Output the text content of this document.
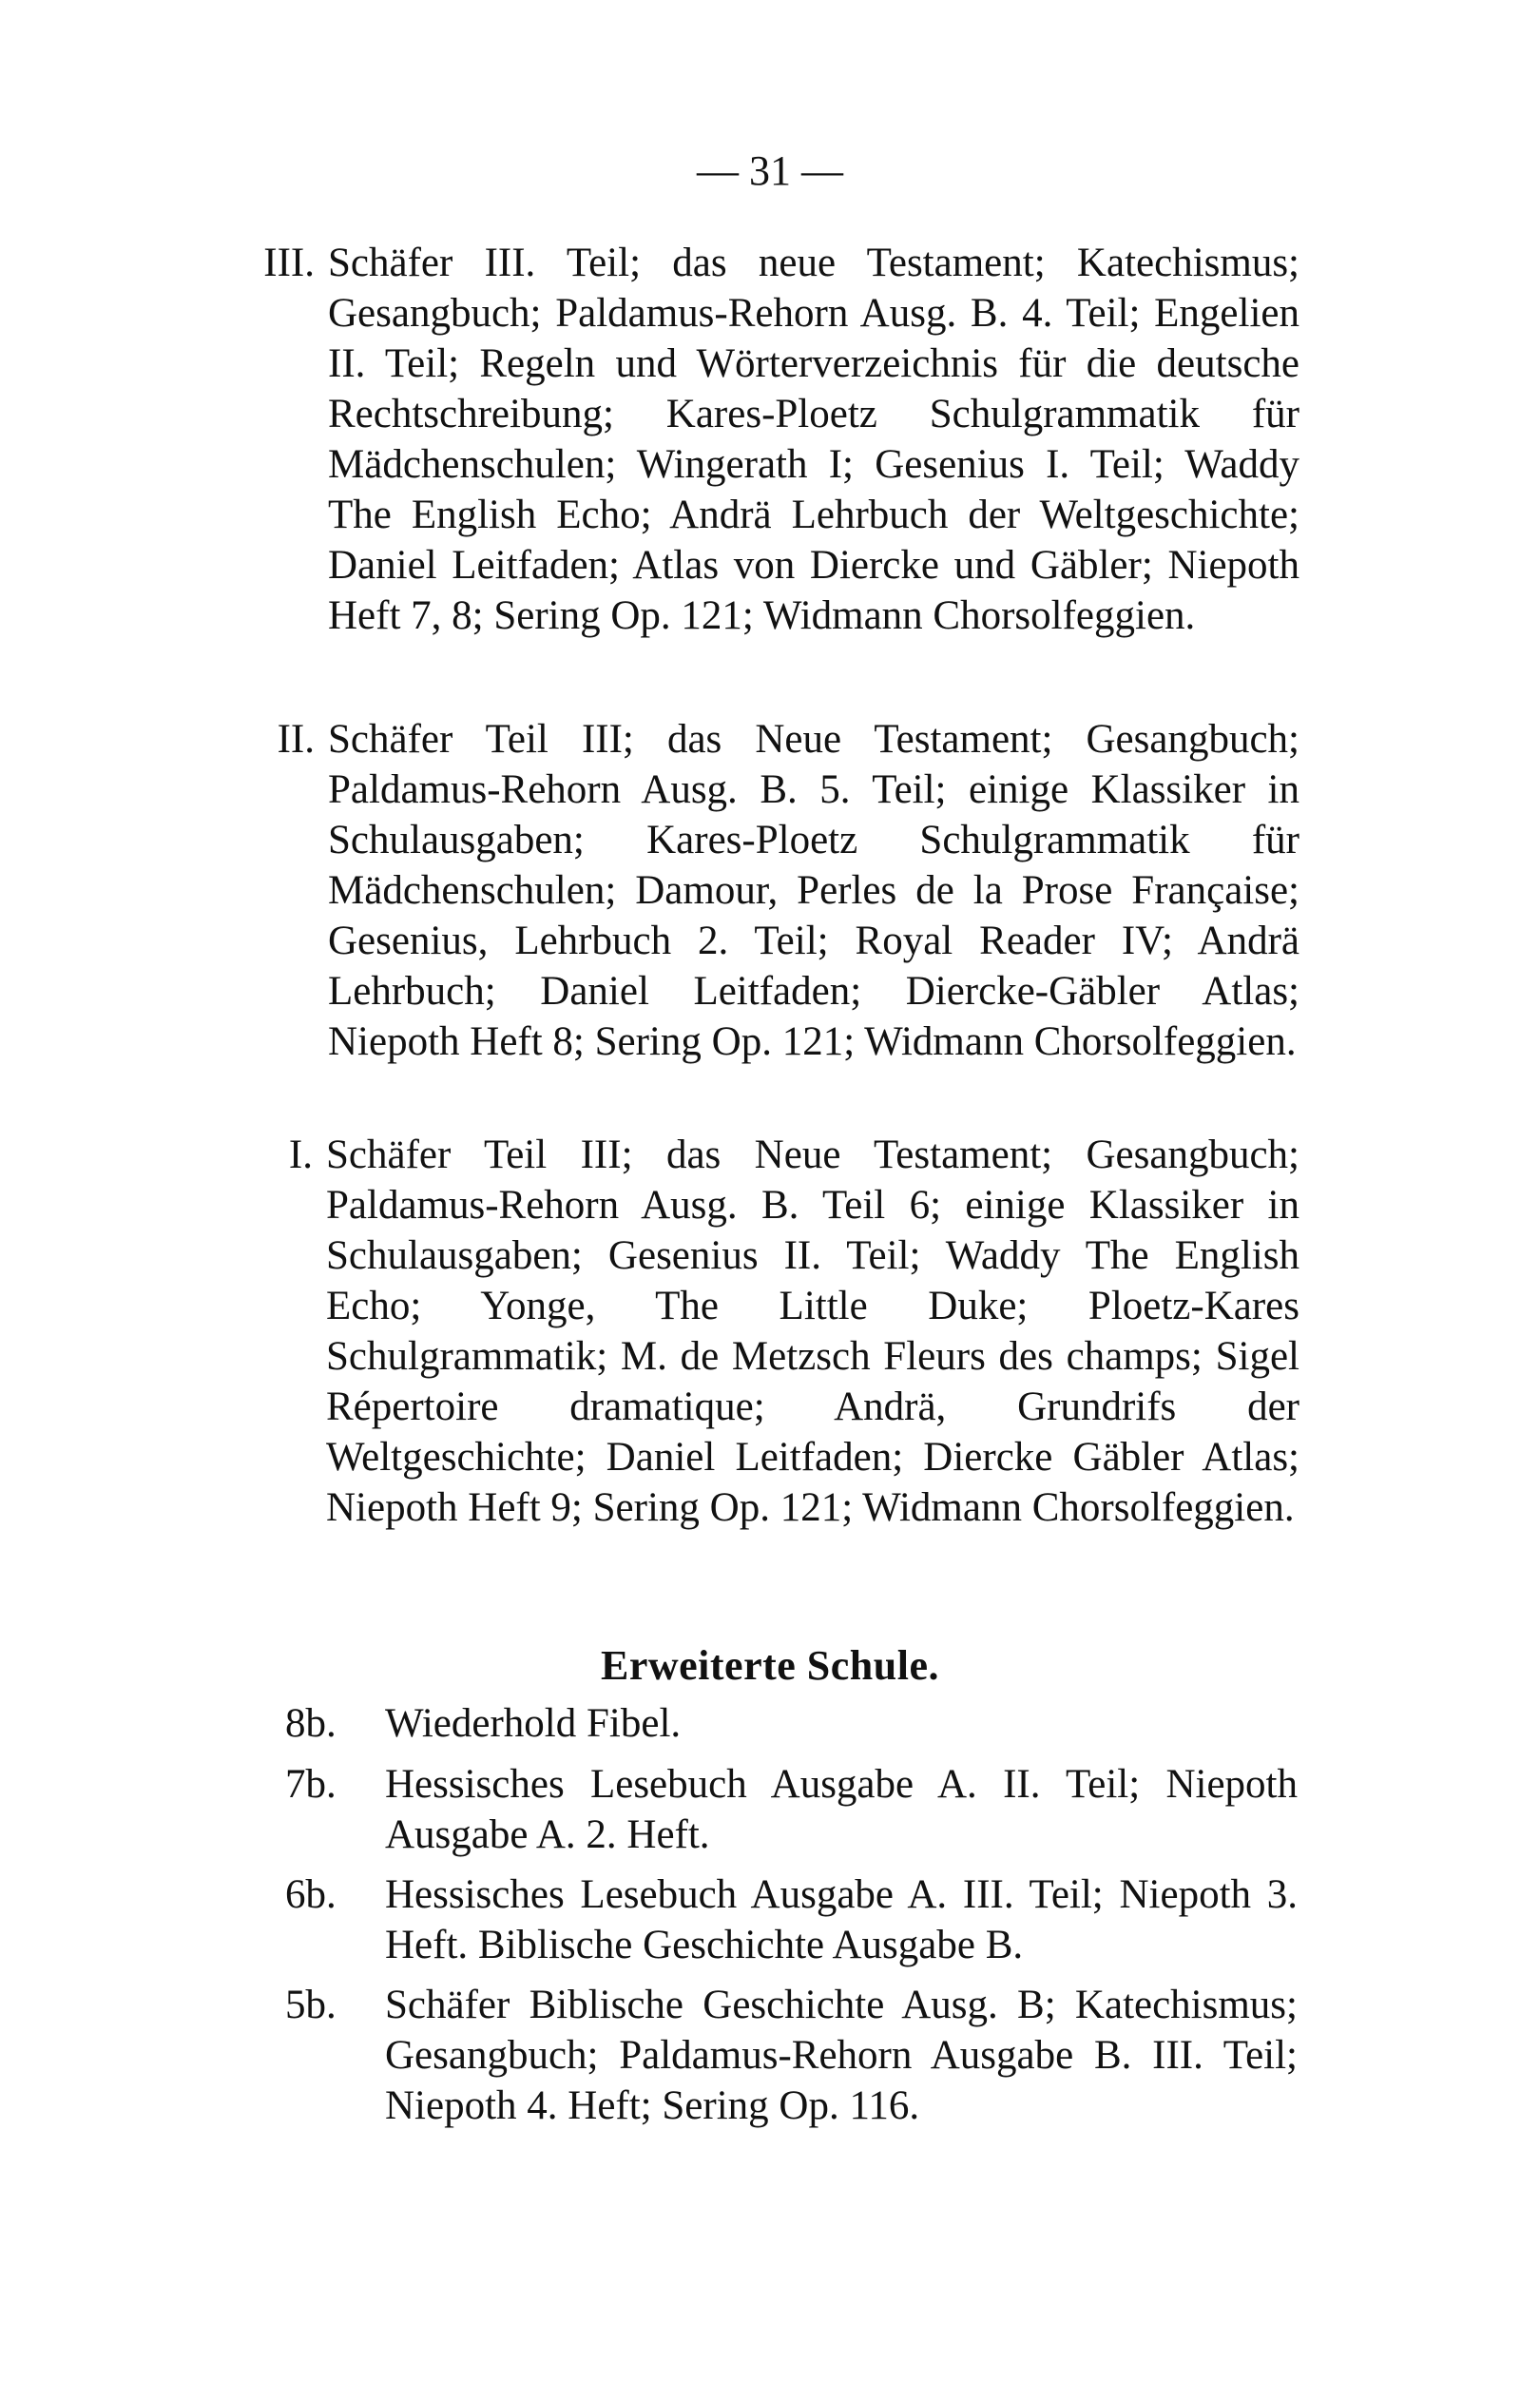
— 31 —
III. Schäfer III. Teil; das neue Testament; Katechismus; Gesangbuch; Paldamus-Rehorn Ausg. B. 4. Teil; Engelien II. Teil; Regeln und Wörterverzeichnis für die deutsche Rechtschreibung; Kares-Ploetz Schulgrammatik für Mädchenschulen; Wingerath I; Gesenius I. Teil; Waddy The English Echo; Andrä Lehrbuch der Weltgeschichte; Daniel Leitfaden; Atlas von Diercke und Gäbler; Niepoth Heft 7, 8; Sering Op. 121; Widmann Chorsolfeggien.
II. Schäfer Teil III; das Neue Testament; Gesangbuch; Paldamus-Rehorn Ausg. B. 5. Teil; einige Klassiker in Schulausgaben; Kares-Ploetz Schulgrammatik für Mädchenschulen; Damour, Perles de la Prose Française; Gesenius, Lehrbuch 2. Teil; Royal Reader IV; Andrä Lehrbuch; Daniel Leitfaden; Diercke-Gäbler Atlas; Niepoth Heft 8; Sering Op. 121; Widmann Chorsolfeggien.
I. Schäfer Teil III; das Neue Testament; Gesangbuch; Paldamus-Rehorn Ausg. B. Teil 6; einige Klassiker in Schulausgaben; Gesenius II. Teil; Waddy The English Echo; Yonge, The Little Duke; Ploetz-Kares Schulgrammatik; M. de Metzsch Fleurs des champs; Sigel Répertoire dramatique; Andrä, Grundrifs der Weltgeschichte; Daniel Leitfaden; Diercke Gäbler Atlas; Niepoth Heft 9; Sering Op. 121; Widmann Chorsolfeggien.
Erweiterte Schule.
8b. Wiederhold Fibel.
7b. Hessisches Lesebuch Ausgabe A. II. Teil; Niepoth Ausgabe A. 2. Heft.
6b. Hessisches Lesebuch Ausgabe A. III. Teil; Niepoth 3. Heft. Biblische Geschichte Ausgabe B.
5b. Schäfer Biblische Geschichte Ausg. B; Katechismus; Gesangbuch; Paldamus-Rehorn Ausgabe B. III. Teil; Niepoth 4. Heft; Sering Op. 116.
